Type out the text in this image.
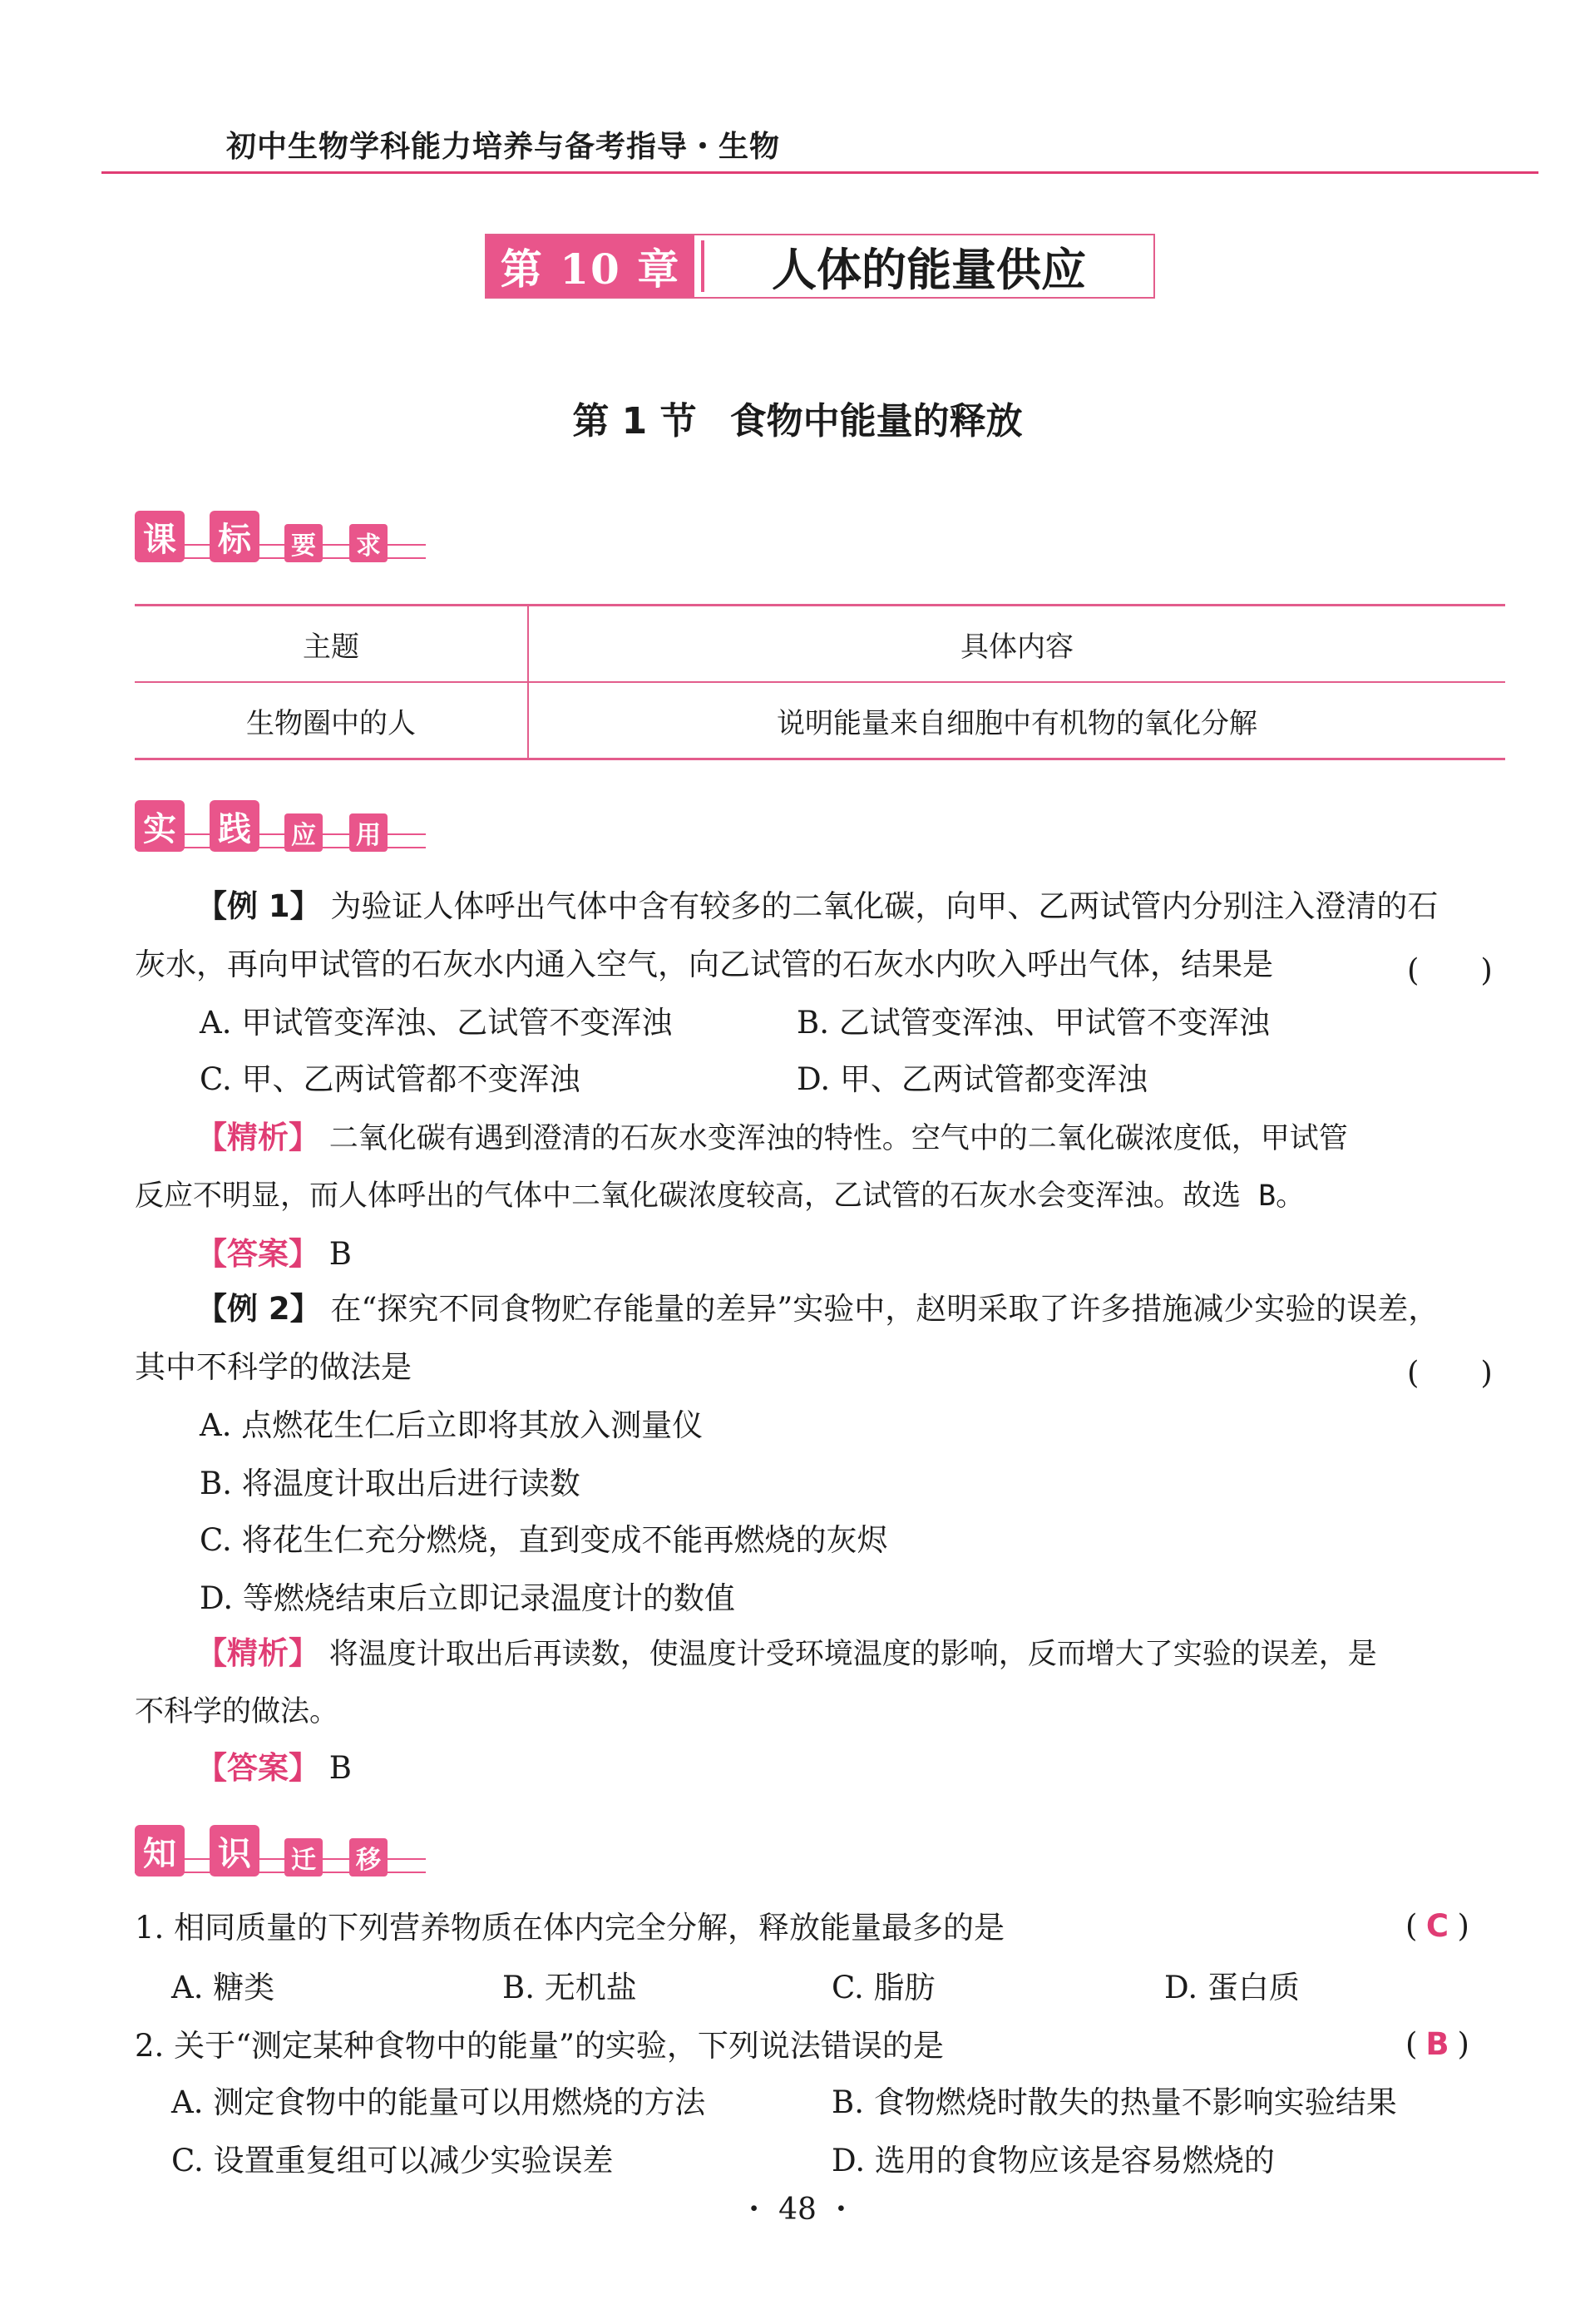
初中生物学科能力培养与备考指导・生物
第 10 章	人体的能量供应
第 1 节 食物中能量的释放
课 标	要 求
主题	具体内容
生物圈中的人	说明能量来自细胞中有机物的氧化分解
实 践	应 用
【例 1】 为验证人体呼出气体中含有较多的二氧化碳，向甲、乙两试管内分别注入澄清的石
灰水，再向甲试管的石灰水内通入空气，向乙试管的石灰水内吹入呼出气体，结果是	(　　)
A. 甲试管变浑浊、乙试管不变浑浊	B. 乙试管变浑浊、甲试管不变浑浊
C. 甲、乙两试管都不变浑浊	D. 甲、乙两试管都变浑浊
【精析】 二氧化碳有遇到澄清的石灰水变浑浊的特性。空气中的二氧化碳浓度低，甲试管
反应不明显，而人体呼出的气体中二氧化碳浓度较高，乙试管的石灰水会变浑浊。故选 B。
【答案】 B
【例 2】 在“探究不同食物贮存能量的差异”实验中，赵明采取了许多措施减少实验的误差，
其中不科学的做法是	(　　)
A. 点燃花生仁后立即将其放入测量仪
B. 将温度计取出后进行读数
C. 将花生仁充分燃烧，直到变成不能再燃烧的灰烬
D. 等燃烧结束后立即记录温度计的数值
【精析】 将温度计取出后再读数，使温度计受环境温度的影响，反而增大了实验的误差，是
不科学的做法。
【答案】 B
知 识	迁 移
1. 相同质量的下列营养物质在体内完全分解，释放能量最多的是	( C )
A. 糖类	B. 无机盐	C. 脂肪	D. 蛋白质
2. 关于“测定某种食物中的能量”的实验，下列说法错误的是	( B )
A. 测定食物中的能量可以用燃烧的方法	B. 食物燃烧时散失的热量不影响实验结果
C. 设置重复组可以减少实验误差	D. 选用的食物应该是容易燃烧的
・ 48 ・
